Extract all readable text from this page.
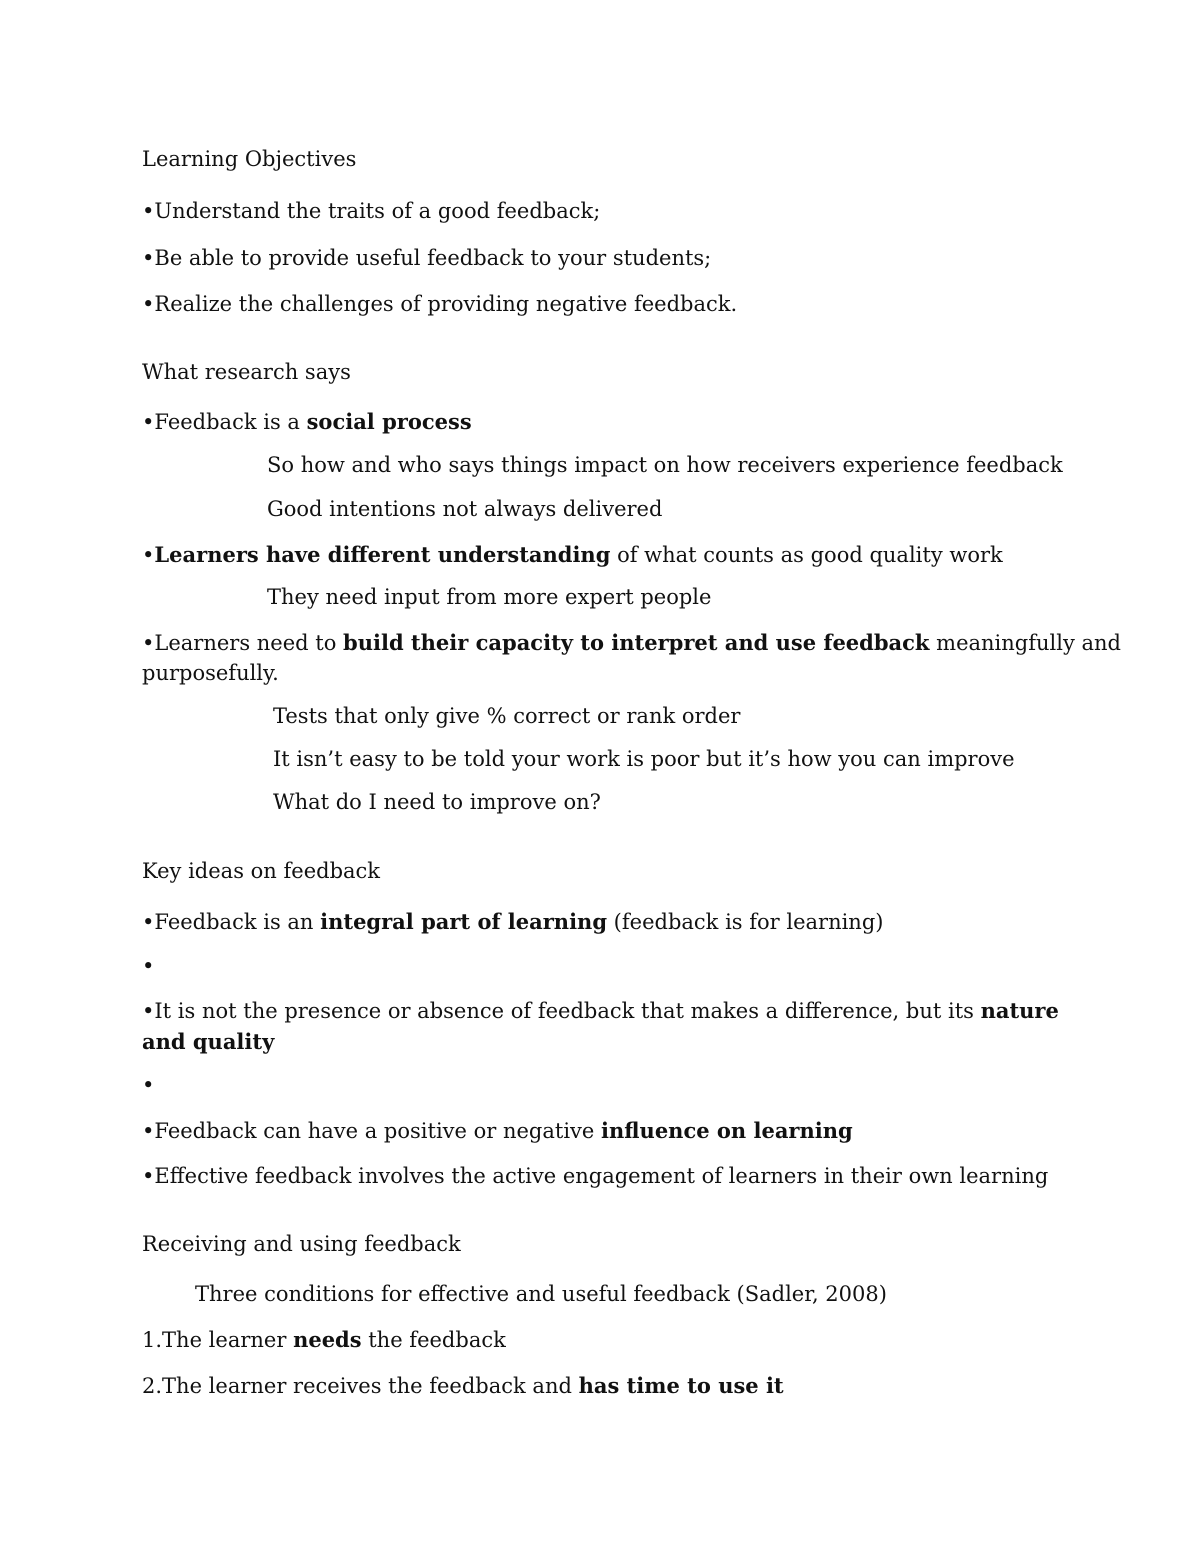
Learning Objectives
•Understand the traits of a good feedback;
•Be able to provide useful feedback to your students;
•Realize the challenges of providing negative feedback.
What research says
•Feedback is a social process
So how and who says things impact on how receivers experience feedback
Good intentions not always delivered
•Learners have different understanding of what counts as good quality work
They need input from more expert people
•Learners need to build their capacity to interpret and use feedback meaningfully and
purposefully.
Tests that only give % correct or rank order
It isn’t easy to be told your work is poor but it’s how you can improve
What do I need to improve on?
Key ideas on feedback
•Feedback is an integral part of learning (feedback is for learning)
•
•It is not the presence or absence of feedback that makes a difference, but its nature
and quality
•
•Feedback can have a positive or negative influence on learning
•Effective feedback involves the active engagement of learners in their own learning
Receiving and using feedback
Three conditions for effective and useful feedback (Sadler, 2008)
1.The learner needs the feedback
2.The learner receives the feedback and has time to use it
